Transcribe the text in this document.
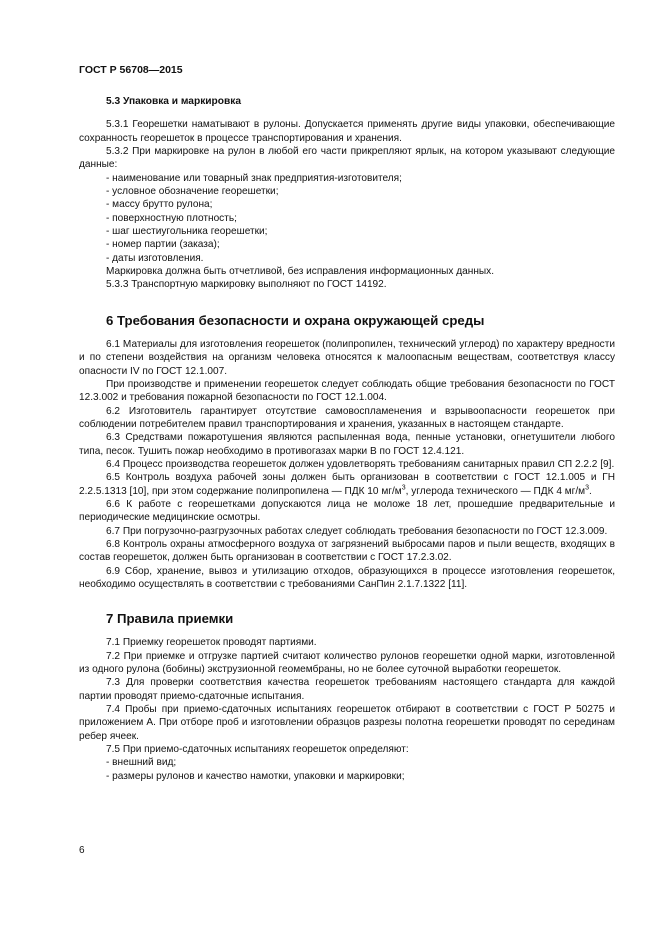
ГОСТ Р 56708—2015
5.3 Упаковка и маркировка

5.3.1 Георешетки наматывают в рулоны. Допускается применять другие виды упаковки, обеспечивающие сохранность георешеток в процессе транспортирования и хранения.

5.3.2 При маркировке на рулон в любой его части прикрепляют ярлык, на котором указывают следующие данные:

- наименование или товарный знак предприятия-изготовителя;

- условное обозначение георешетки;

- массу брутто рулона;

- поверхностную плотность;

- шаг шестиугольника георешетки;

- номер партии (заказа);

- даты изготовления.

Маркировка должна быть отчетливой, без исправления информационных данных.

5.3.3 Транспортную маркировку выполняют по ГОСТ 14192.

6 Требования безопасности и охрана окружающей среды

6.1 Материалы для изготовления георешеток (полипропилен, технический углерод) по характеру вредности и по степени воздействия на организм человека относятся к малоопасным веществам, соответствуя классу опасности IV по ГОСТ 12.1.007.

При производстве и применении георешеток следует соблюдать общие требования безопасности по ГОСТ 12.3.002 и требования пожарной безопасности по ГОСТ 12.1.004.

6.2 Изготовитель гарантирует отсутствие самовоспламенения и взрывоопасности георешеток при соблюдении потребителем правил транспортирования и хранения, указанных в настоящем стандарте.

6.3 Средствами пожаротушения являются распыленная вода, пенные установки, огнетушители любого типа, песок. Тушить пожар необходимо в противогазах марки В по ГОСТ 12.4.121.

6.4 Процесс производства георешеток должен удовлетворять требованиям санитарных правил СП 2.2.2 [9].

6.5 Контроль воздуха рабочей зоны должен быть организован в соответствии с ГОСТ 12.1.005 и ГН 2.2.5.1313 [10], при этом содержание полипропилена — ПДК 10 $мг/м^3$, углерода технического — ПДК 4 $мг/м^3$.

6.6 К работе с георешетками допускаются лица не моложе 18 лет, прошедшие предварительные и периодические медицинские осмотры.

6.7 При погрузочно-разгрузочных работах следует соблюдать требования безопасности по ГОСТ 12.3.009.

6.8 Контроль охраны атмосферного воздуха от загрязнений выбросами паров и пыли веществ, входящих в состав георешеток, должен быть организован в соответствии с ГОСТ 17.2.3.02.

6.9 Сбор, хранение, вывоз и утилизацию отходов, образующихся в процессе изготовления георешеток, необходимо осуществлять в соответствии с требованиями СанПин 2.1.7.1322 [11].

7 Правила приемки

7.1 Приемку георешеток проводят партиями.

7.2 При приемке и отгрузке партией считают количество рулонов георешетки одной марки, изготовленной из одного рулона (бобины) экструзионной геомембраны, но не более суточной выработки георешеток.

7.3 Для проверки соответствия качества георешеток требованиям настоящего стандарта для каждой партии проводят приемо-сдаточные испытания.

7.4 Пробы при приемо-сдаточных испытаниях георешеток отбирают в соответствии с ГОСТ Р 50275 и приложением А. При отборе проб и изготовлении образцов разрезы полотна георешетки проводят по серединам ребер ячеек.

7.5 При приемо-сдаточных испытаниях георешеток определяют:

- внешний вид;

- размеры рулонов и качество намотки, упаковки и маркировки;

6
